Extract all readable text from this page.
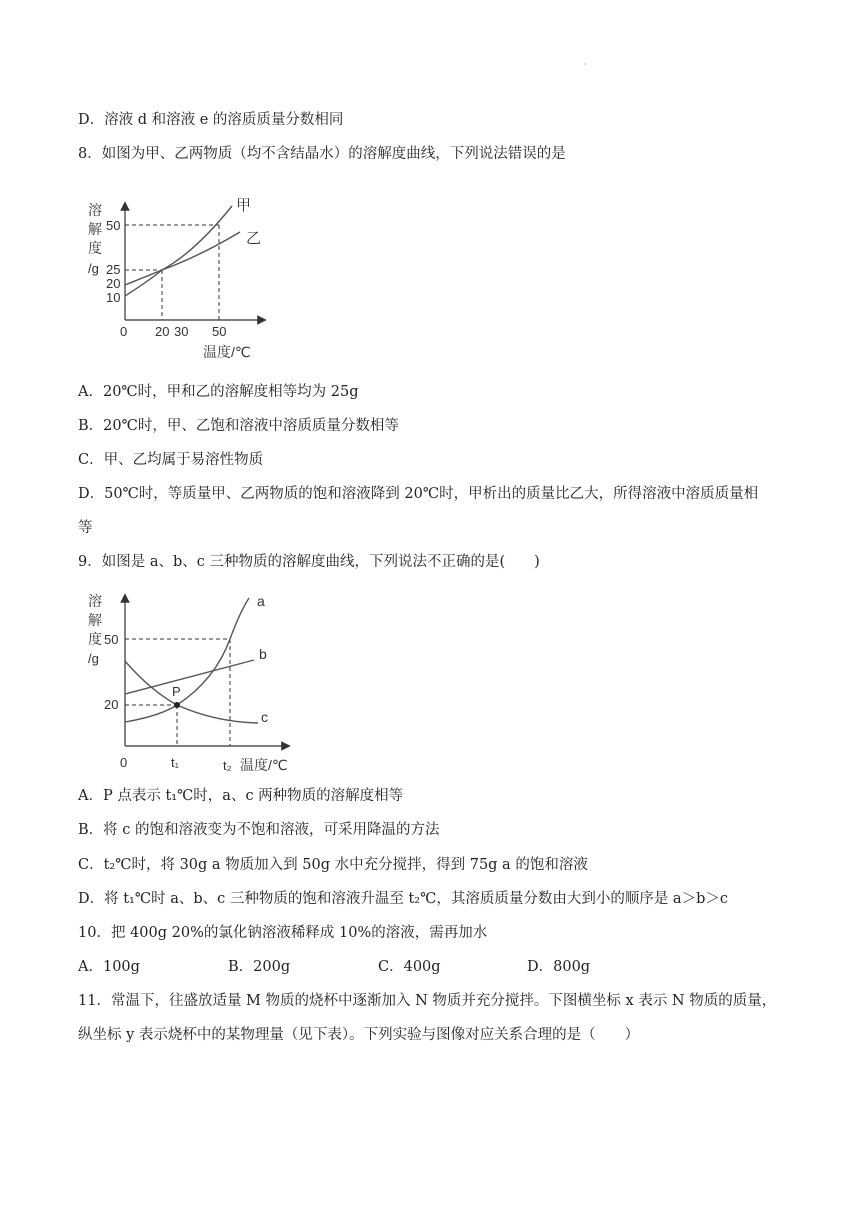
'
D．溶液 d 和溶液 e 的溶质质量分数相同
8．如图为甲、乙两物质（均不含结晶水）的溶解度曲线，下列说法错误的是
溶
解
度
/g
50
25
20
10
0 20 30 50
甲
乙
温度/℃
A．20℃时，甲和乙的溶解度相等均为 25g
B．20℃时，甲、乙饱和溶液中溶质质量分数相等
C．甲、乙均属于易溶性物质
D．50℃时，等质量甲、乙两物质的饱和溶液降到 20℃时，甲析出的质量比乙大，所得溶液中溶质质量相
等
9．如图是 a、b、c 三种物质的溶解度曲线，下列说法不正确的是(　　)
溶
解
度
/g
50
20
0	t₁	t₂ 温度/℃
P
a
b
c
A．P 点表示 t₁℃时，a、c 两种物质的溶解度相等
B．将 c 的饱和溶液变为不饱和溶液，可采用降温的方法
C．t₂℃时，将 30g a 物质加入到 50g 水中充分搅拌，得到 75g a 的饱和溶液
D．将 t₁℃时 a、b、c 三种物质的饱和溶液升温至 t₂℃，其溶质质量分数由大到小的顺序是 a＞b＞c
10．把 400g 20%的氯化钠溶液稀释成 10%的溶液，需再加水
A．100g	B．200g	C．400g	D．800g
11．常温下，往盛放适量 M 物质的烧杯中逐渐加入 N 物质并充分搅拌。下图横坐标 x 表示 N 物质的质量，
纵坐标 y 表示烧杯中的某物理量（见下表）。下列实验与图像对应关系合理的是（　　）
